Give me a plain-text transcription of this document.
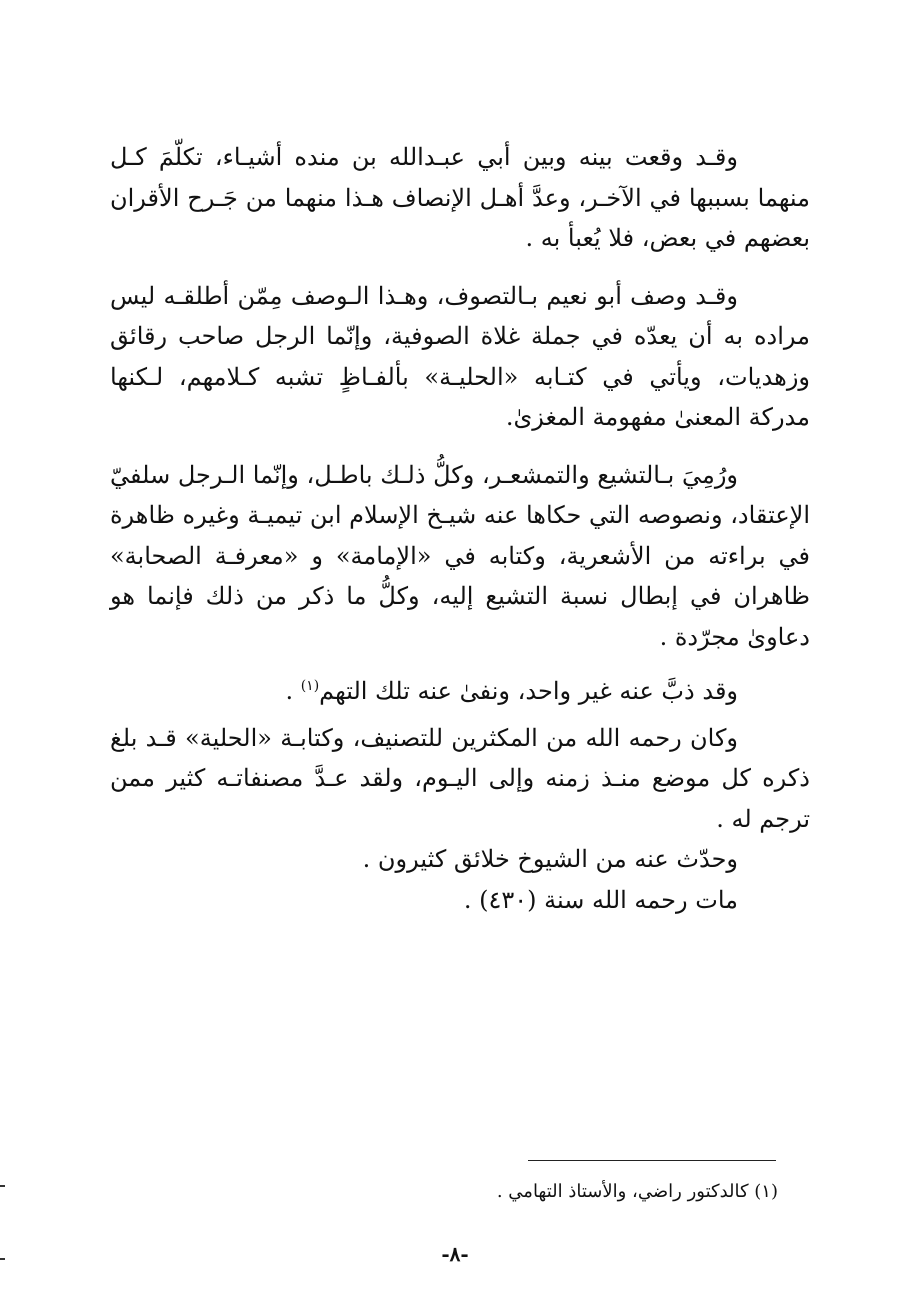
وقـد وقعت بينه وبين أبي عبـدالله بن منده أشيـاء، تكلّمَ كـل منهما بسببها في الآخـر، وعدَّ أهـل الإنصاف هـذا منهما من جَـرح الأقران بعضهم في بعض، فلا يُعبأ به .

وقـد وصف أبو نعيم بـالتصوف، وهـذا الـوصف مِمّن أطلقـه ليس مراده به أن يعدّه في جملة غلاة الصوفية، وإنّما الرجل صاحب رقائق وزهديات، ويأتي في كتـابه «الحليـة» بألفـاظٍ تشبه كـلامهم، لـكنها مدركة المعنىٰ مفهومة المغزىٰ.

ورُمِيَ بـالتشيع والتمشعـر، وكلُّ ذلـك باطـل، وإنّما الـرجل سلفيّ الإعتقاد، ونصوصه التي حكاها عنه شيـخ الإسلام ابن تيميـة وغيره ظاهرة في براءته من الأشعرية، وكتابه في «الإمامة» و «معرفـة الصحابة» ظاهران في إبطال نسبة التشيع إليه، وكلُّ ما ذكر من ذلك فإنما هو دعاوىٰ مجرّدة .

وقد ذبَّ عنه غير واحد، ونفىٰ عنه تلك التهم$^{(١)}$ .

وكان رحمه الله من المكثرين للتصنيف، وكتابـة «الحلية» قـد بلغ ذكره كل موضع منـذ زمنه وإلى اليـوم، ولقد عـدَّ مصنفاتـه كثير ممن ترجم له .

وحدّث عنه من الشيوخ خلائق كثيرون .

مات رحمه الله سنة (٤٣٠) .

(١) كالدكتور راضي، والأستاذ التهامي .
-٨-
